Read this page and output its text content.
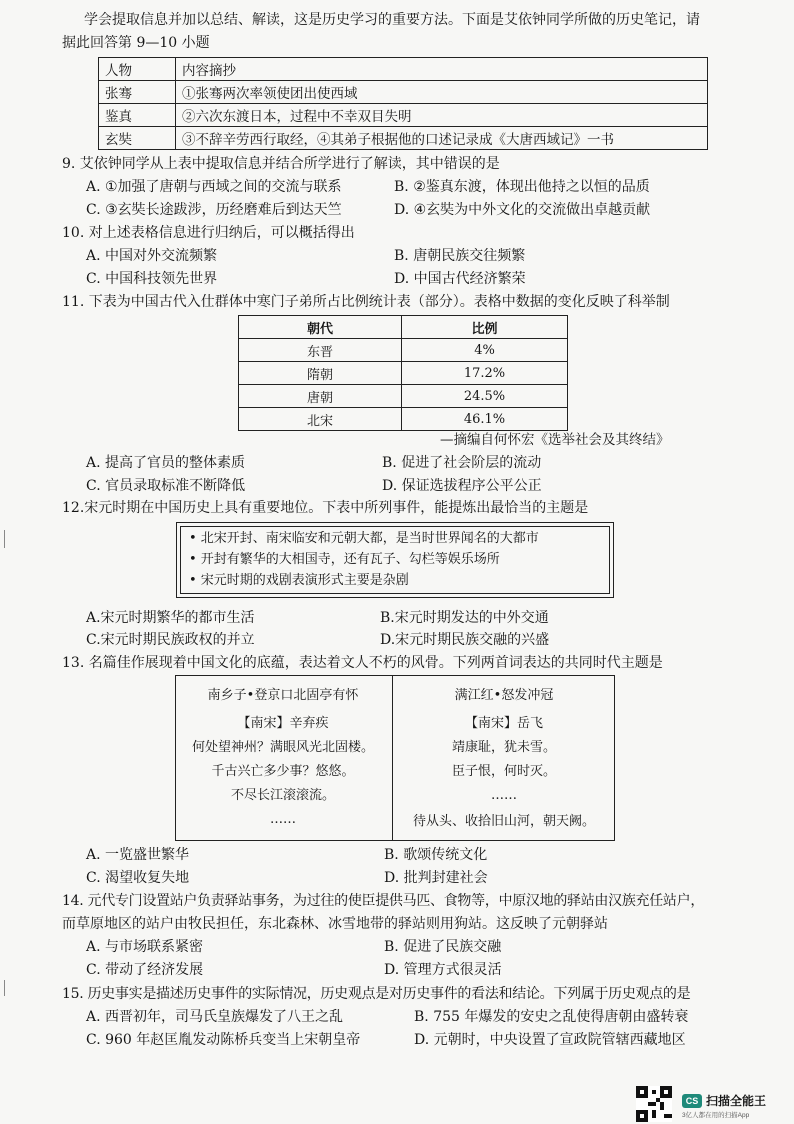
学会提取信息并加以总结、解读，这是历史学习的重要方法。下面是艾依钟同学所做的历史笔记，请
据此回答第 9—10 小题
人物	内容摘抄
张骞	①张骞两次率领使团出使西域
鉴真	②六次东渡日本，过程中不幸双目失明
玄奘	③不辞辛劳西行取经，④其弟子根据他的口述记录成《大唐西域记》一书
9. 艾依钟同学从上表中提取信息并结合所学进行了解读，其中错误的是
A. ①加强了唐朝与西域之间的交流与联系	B. ②鉴真东渡，体现出他持之以恒的品质
C. ③玄奘长途跋涉，历经磨难后到达天竺	D. ④玄奘为中外文化的交流做出卓越贡献
10. 对上述表格信息进行归纳后，可以概括得出
A. 中国对外交流频繁	B. 唐朝民族交往频繁
C. 中国科技领先世界	D. 中国古代经济繁荣
11. 下表为中国古代入仕群体中寒门子弟所占比例统计表（部分）。表格中数据的变化反映了科举制
朝代	比例
东晋	4%
隋朝	17.2%
唐朝	24.5%
北宋	46.1%
—摘编自何怀宏《选举社会及其终结》
A. 提高了官员的整体素质	B. 促进了社会阶层的流动
C. 官员录取标准不断降低	D. 保证选拔程序公平公正
12.宋元时期在中国历史上具有重要地位。下表中所列事件，能提炼出最恰当的主题是
• 北宋开封、南宋临安和元朝大都，是当时世界闻名的大都市
• 开封有繁华的大相国寺，还有瓦子、勾栏等娱乐场所
• 宋元时期的戏剧表演形式主要是杂剧
A.宋元时期繁华的都市生活	B.宋元时期发达的中外交通
C.宋元时期民族政权的并立	D.宋元时期民族交融的兴盛
13. 名篇佳作展现着中国文化的底蕴，表达着文人不朽的风骨。下列两首词表达的共同时代主题是
南乡子•登京口北固亭有怀
【南宋】辛弃疾
何处望神州？满眼风光北固楼。
千古兴亡多少事？悠悠。
不尽长江滚滚流。
……
满江红•怒发冲冠
【南宋】岳飞
靖康耻，犹未雪。
臣子恨，何时灭。
……
待从头、收拾旧山河，朝天阙。
A. 一览盛世繁华	B. 歌颂传统文化
C. 渴望收复失地	D. 批判封建社会
14. 元代专门设置站户负责驿站事务，为过往的使臣提供马匹、食物等，中原汉地的驿站由汉族充任站户，
而草原地区的站户由牧民担任，东北森林、冰雪地带的驿站则用狗站。这反映了元朝驿站
A. 与市场联系紧密	B. 促进了民族交融
C. 带动了经济发展	D. 管理方式很灵活
15. 历史事实是描述历史事件的实际情况，历史观点是对历史事件的看法和结论。下列属于历史观点的是
A. 西晋初年，司马氏皇族爆发了八王之乱	B. 755 年爆发的安史之乱使得唐朝由盛转衰
C. 960 年赵匡胤发动陈桥兵变当上宋朝皇帝	D. 元朝时，中央设置了宣政院管辖西藏地区
CS 扫描全能王
3亿人都在用的扫描App
